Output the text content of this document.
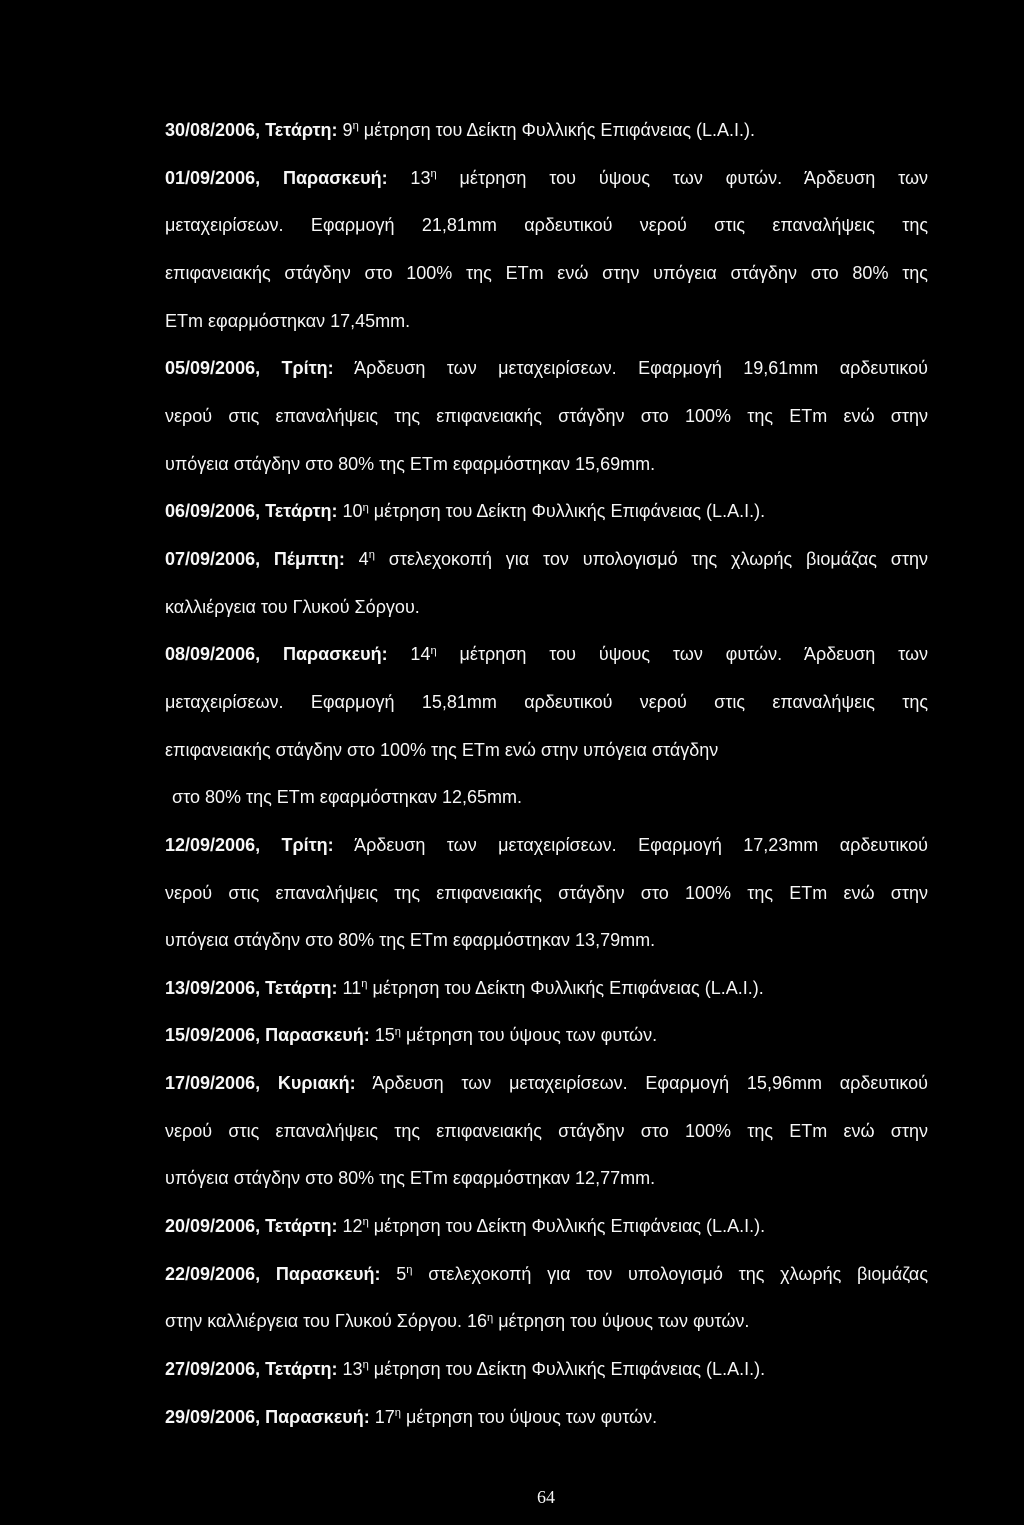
30/08/2006, Τετάρτη: $9^\eta$ μέτρηση του Δείκτη Φυλλικής Επιφάνειας (L.A.I.).
01/09/2006, Παρασκευή: $13^\eta$ μέτρηση του ύψους των φυτών. Άρδευση των
μεταχειρίσεων. Εφαρμογή 21,81mm αρδευτικού νερού στις επαναλήψεις της
επιφανειακής στάγδην στο 100% της ETm ενώ στην υπόγεια στάγδην στο 80% της
ETm εφαρμόστηκαν 17,45mm.
05/09/2006, Τρίτη: Άρδευση των μεταχειρίσεων. Εφαρμογή 19,61mm αρδευτικού
νερού στις επαναλήψεις της επιφανειακής στάγδην στο 100% της ETm ενώ στην
υπόγεια στάγδην στο 80% της ETm εφαρμόστηκαν 15,69mm.
06/09/2006, Τετάρτη: $10^\eta$ μέτρηση του Δείκτη Φυλλικής Επιφάνειας (L.A.I.).
07/09/2006, Πέμπτη: $4^\eta$ στελεχοκοπή για τον υπολογισμό της χλωρής βιομάζας στην
καλλιέργεια του Γλυκού Σόργου.
08/09/2006, Παρασκευή: $14^\eta$ μέτρηση του ύψους των φυτών. Άρδευση των
μεταχειρίσεων. Εφαρμογή 15,81mm αρδευτικού νερού στις επαναλήψεις της
επιφανειακής στάγδην στο 100% της ETm ενώ στην υπόγεια στάγδην
στο 80% της ETm εφαρμόστηκαν 12,65mm.
12/09/2006, Τρίτη: Άρδευση των μεταχειρίσεων. Εφαρμογή 17,23mm αρδευτικού
νερού στις επαναλήψεις της επιφανειακής στάγδην στο 100% της ETm ενώ στην
υπόγεια στάγδην στο 80% της ETm εφαρμόστηκαν 13,79mm.
13/09/2006, Τετάρτη: $11^\eta$ μέτρηση του Δείκτη Φυλλικής Επιφάνειας (L.A.I.).
15/09/2006, Παρασκευή: $15^\eta$ μέτρηση του ύψους των φυτών.
17/09/2006, Κυριακή: Άρδευση των μεταχειρίσεων. Εφαρμογή 15,96mm αρδευτικού
νερού στις επαναλήψεις της επιφανειακής στάγδην στο 100% της ETm ενώ στην
υπόγεια στάγδην στο 80% της ETm εφαρμόστηκαν 12,77mm.
20/09/2006, Τετάρτη: $12^\eta$ μέτρηση του Δείκτη Φυλλικής Επιφάνειας (L.A.I.).
22/09/2006, Παρασκευή: $5^\eta$ στελεχοκοπή για τον υπολογισμό της χλωρής βιομάζας
στην καλλιέργεια του Γλυκού Σόργου. $16^\eta$ μέτρηση του ύψους των φυτών.
27/09/2006, Τετάρτη: $13^\eta$ μέτρηση του Δείκτη Φυλλικής Επιφάνειας (L.A.I.).
29/09/2006, Παρασκευή: $17^\eta$ μέτρηση του ύψους των φυτών.
64
